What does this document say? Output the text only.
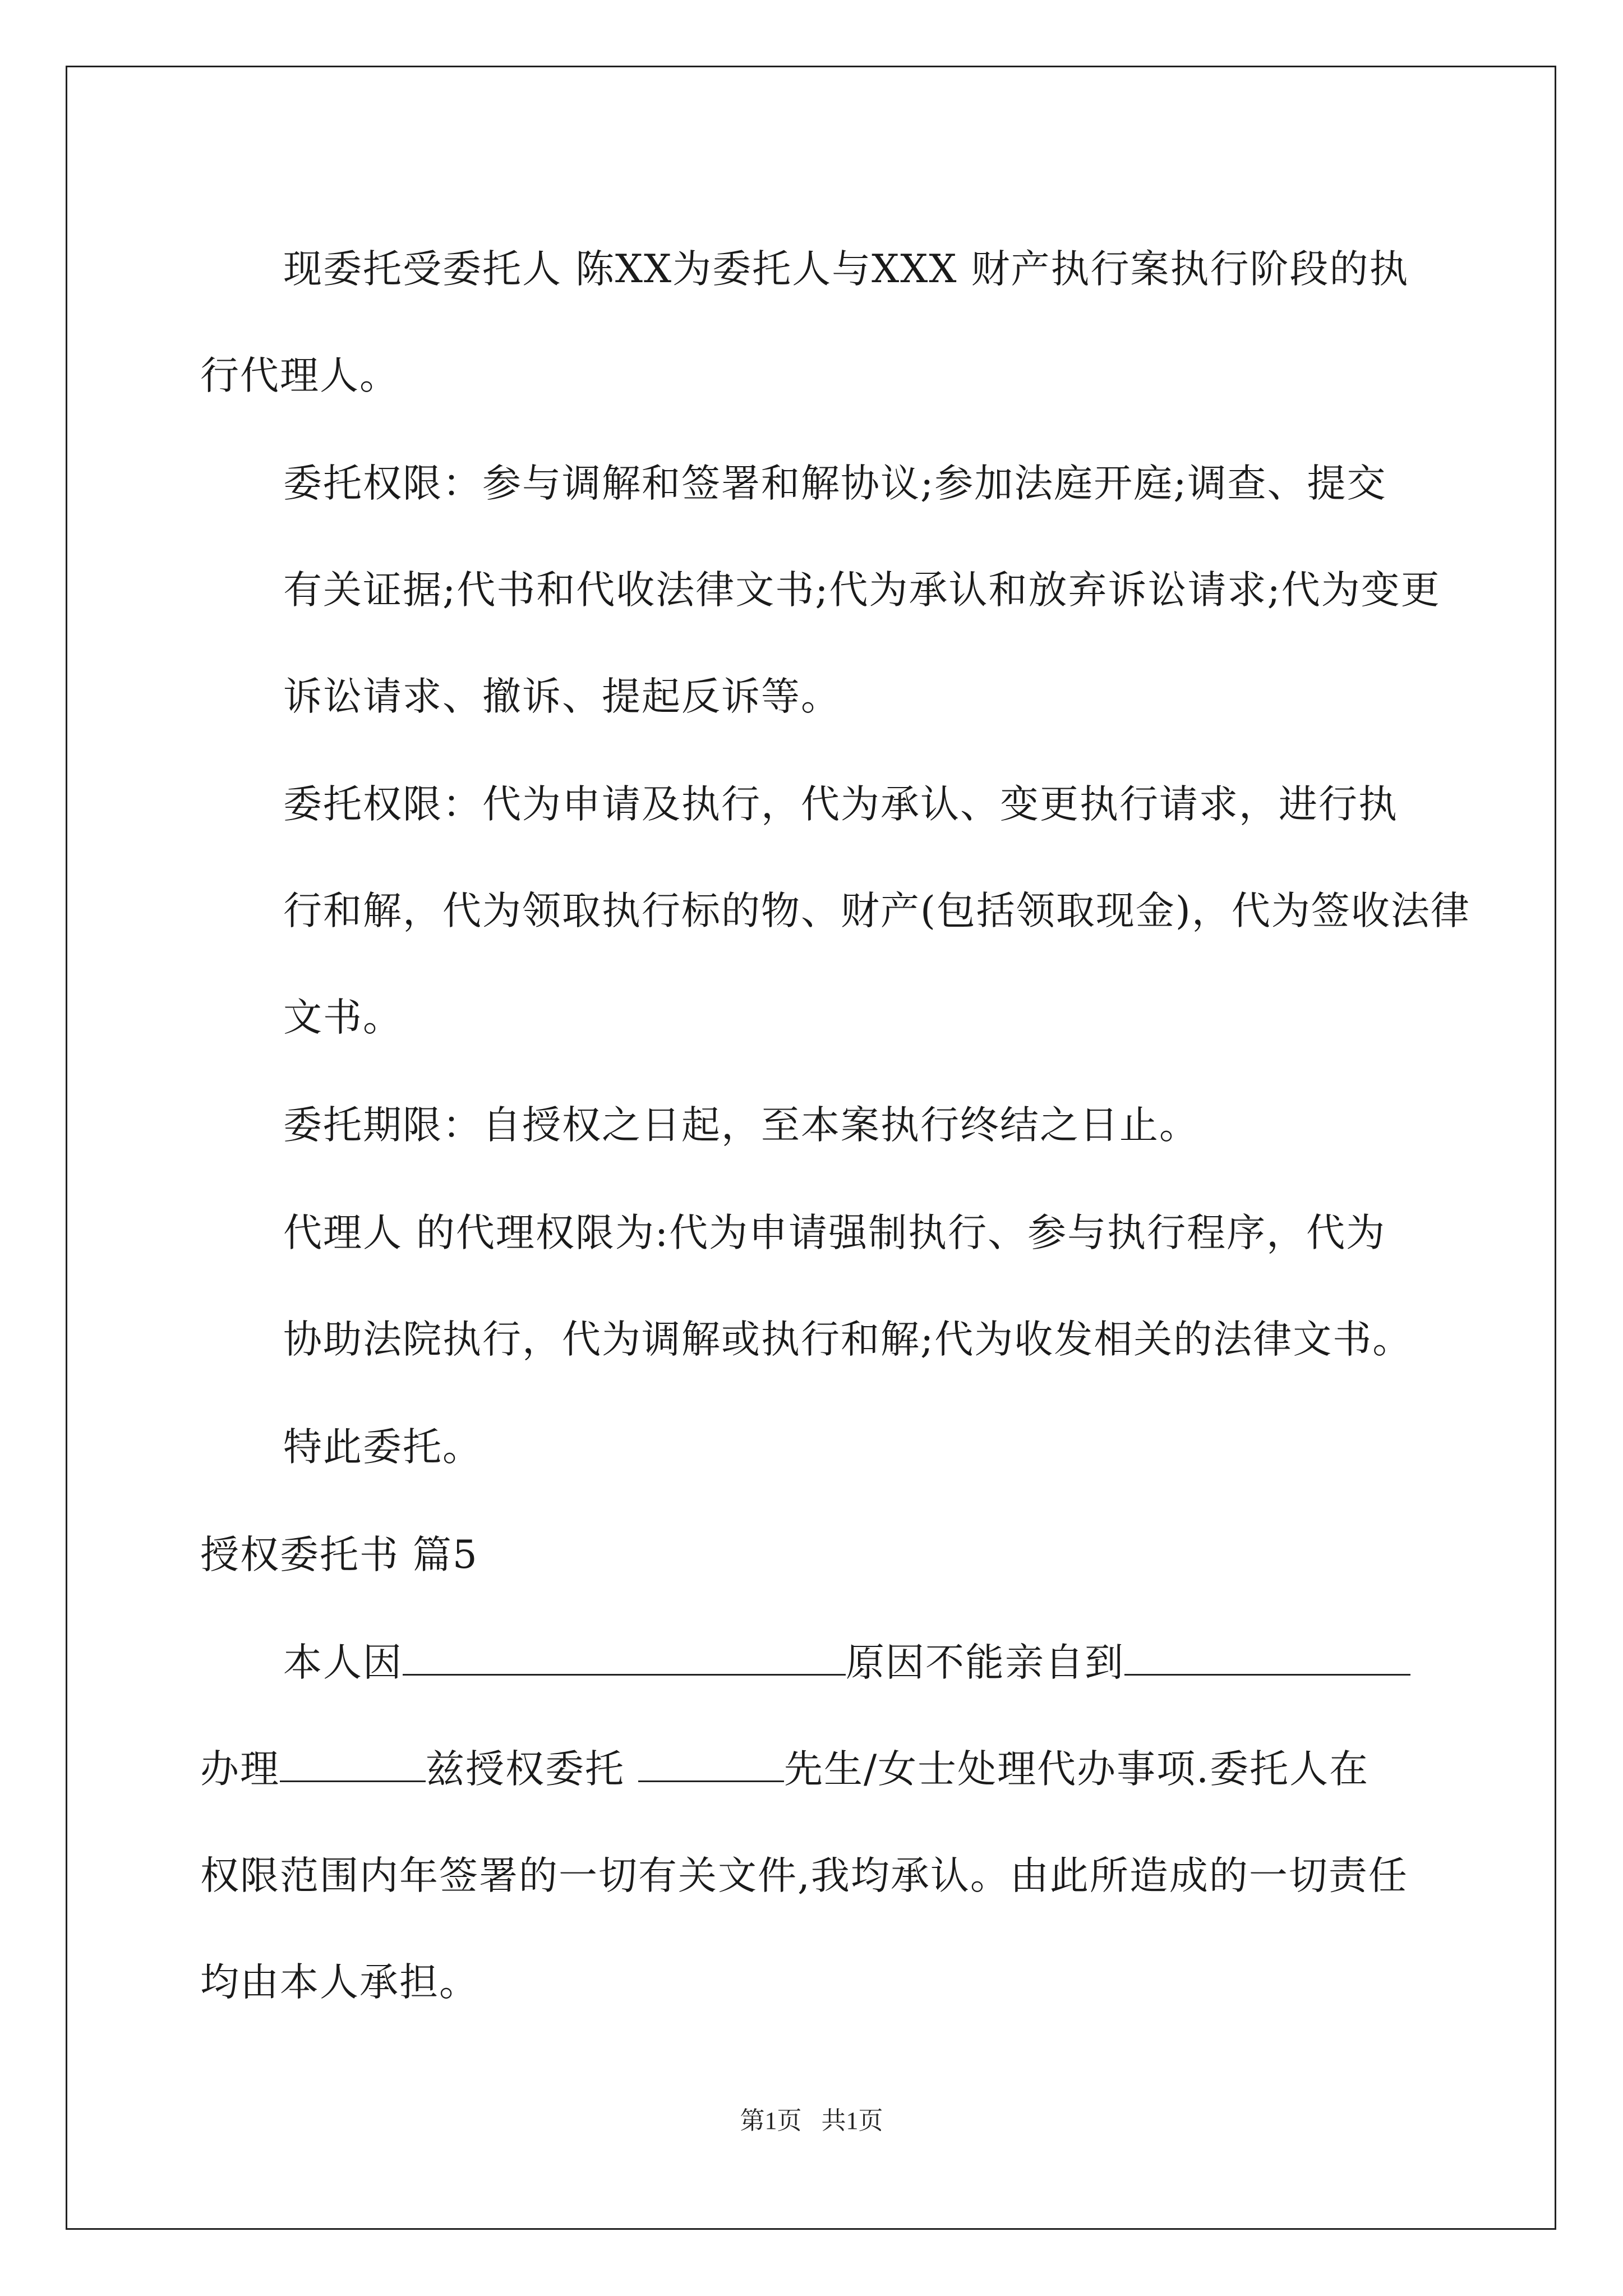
现委托受委托人 陈XX为委托人与XXX 财产执行案执行阶段的执
行代理人。

委托权限：参与调解和签署和解协议;参加法庭开庭;调查、提交
有关证据;代书和代收法律文书;代为承认和放弃诉讼请求;代为变更
诉讼请求、撤诉、提起反诉等。

委托权限：代为申请及执行，代为承认、变更执行请求，进行执
行和解，代为领取执行标的物、财产(包括领取现金)，代为签收法律
文书。

委托期限：自授权之日起，至本案执行终结之日止。

代理人 的代理权限为:代为申请强制执行、参与执行程序，代为
协助法院执行，代为调解或执行和解;代为收发相关的法律文书。

特此委托。

授权委托书 篇5

本人因	原因不能亲自到
办理	兹授权委托	先生/女士处理代办事项.委托人在
权限范围内年签署的一切有关文件,我均承认。由此所造成的一切责任
均由本人承担。

第1页 共1页
